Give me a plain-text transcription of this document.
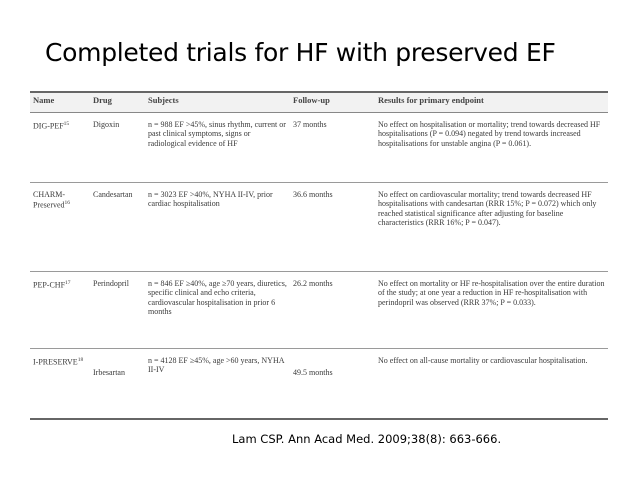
Completed trials for HF with preserved EF
Name	Drug	Subjects	Follow-up	Results for primary endpoint
DIG-PEF$^{15}$	Digoxin	n = 988 EF >45%, sinus rhythm, current or past clinical symptoms, signs or radiological evidence of HF	37 months	No effect on hospitalisation or mortality; trend towards decreased HF hospitalisations (P = 0.094) negated by trend towards increased hospitalisations for unstable angina (P = 0.061).
CHARM-Preserved$^{16}$	Candesartan	n = 3023 EF >40%, NYHA II-IV, prior cardiac hospitalisation	36.6 months	No effect on cardiovascular mortality; trend towards decreased HF hospitalisations with candesartan (RRR 15%; P = 0.072) which only reached statistical significance after adjusting for baseline characteristics (RRR 16%; P = 0.047).
PEP-CHF$^{17}$	Perindopril	n = 846 EF ≥40%, age ≥70 years, diuretics, specific clinical and echo criteria, cardiovascular hospitalisation in prior 6 months	26.2 months	No effect on mortality or HF re-hospitalisation over the entire duration of the study; at one year a reduction in HF re-hospitalisation with perindopril was observed (RRR 37%; P = 0.033).
I-PRESERVE$^{18}$	Irbesartan	n = 4128 EF ≥45%, age >60 years, NYHA II-IV	49.5 months	No effect on all-cause mortality or cardiovascular hospitalisation.
Lam CSP. Ann Acad Med. 2009;38(8): 663-666.
